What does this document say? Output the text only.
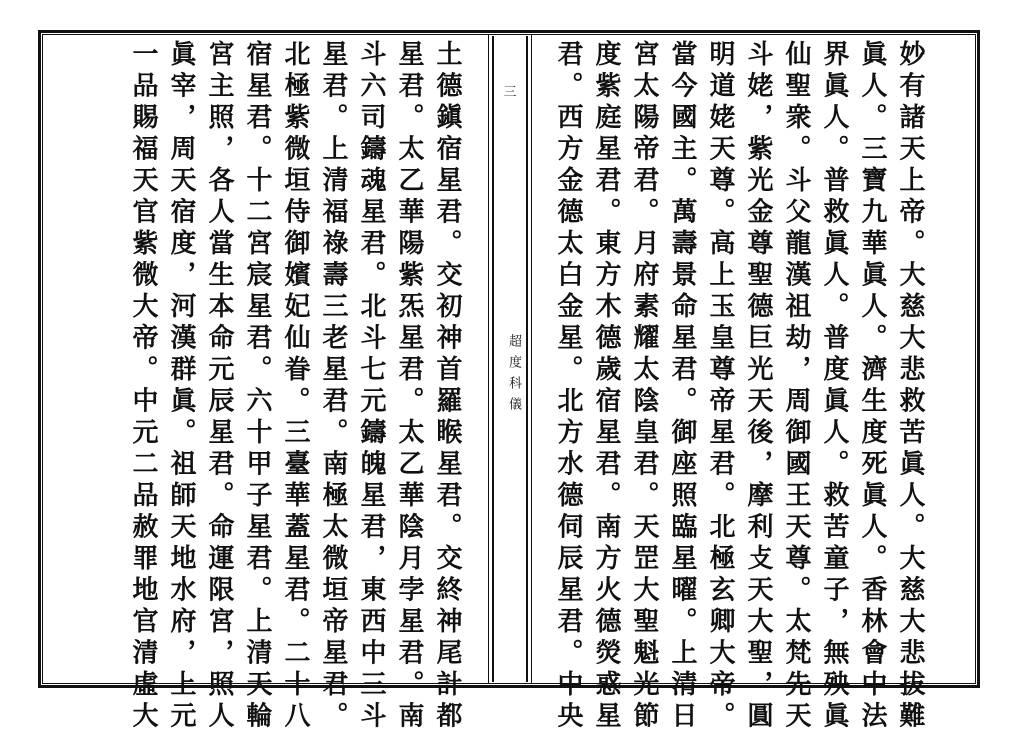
三
超度科儀
土德鎭宿星君。交初神首羅睺星君。交終神尾計都
星君。太乙華陽紫炁星君。太乙華陰月孛星君。南
斗六司鑄魂星君。北斗七元鑄魄星君，東西中三斗
星君。上清福祿壽三老星君。南極太微垣帝星君。
北極紫微垣侍御嬪妃仙眷。三臺華蓋星君。二十八
宿星君。十二宮宸星君。六十甲子星君。上清天輪
宮主照，各人當生本命元辰星君。命運限宮，照人
眞宰，周天宿度，河漢群眞。祖師天地水府，上元
一品賜福天官紫微大帝。中元二品赦罪地官清虛大	妙有諸天上帝。大慈大悲救苦眞人。大慈大悲拔難
眞人。三寶九華眞人。濟生度死眞人。香林會中法
界眞人。普救眞人。普度眞人。救苦童子，無殃眞
仙聖衆。斗父龍漢祖劫，周御國王天尊。太梵先天
斗姥，紫光金尊聖德巨光天後，摩利攴天大聖，圓
明道姥天尊。高上玉皇尊帝星君。北極玄卿大帝。
當今國主。萬壽景命星君。御座照臨星曜。上清日
宮太陽帝君。月府素耀太陰皇君。天罡大聖魁光節
度紫庭星君。東方木德歲宿星君。南方火德熒惑星
君。西方金德太白金星。北方水德伺辰星君。中央
